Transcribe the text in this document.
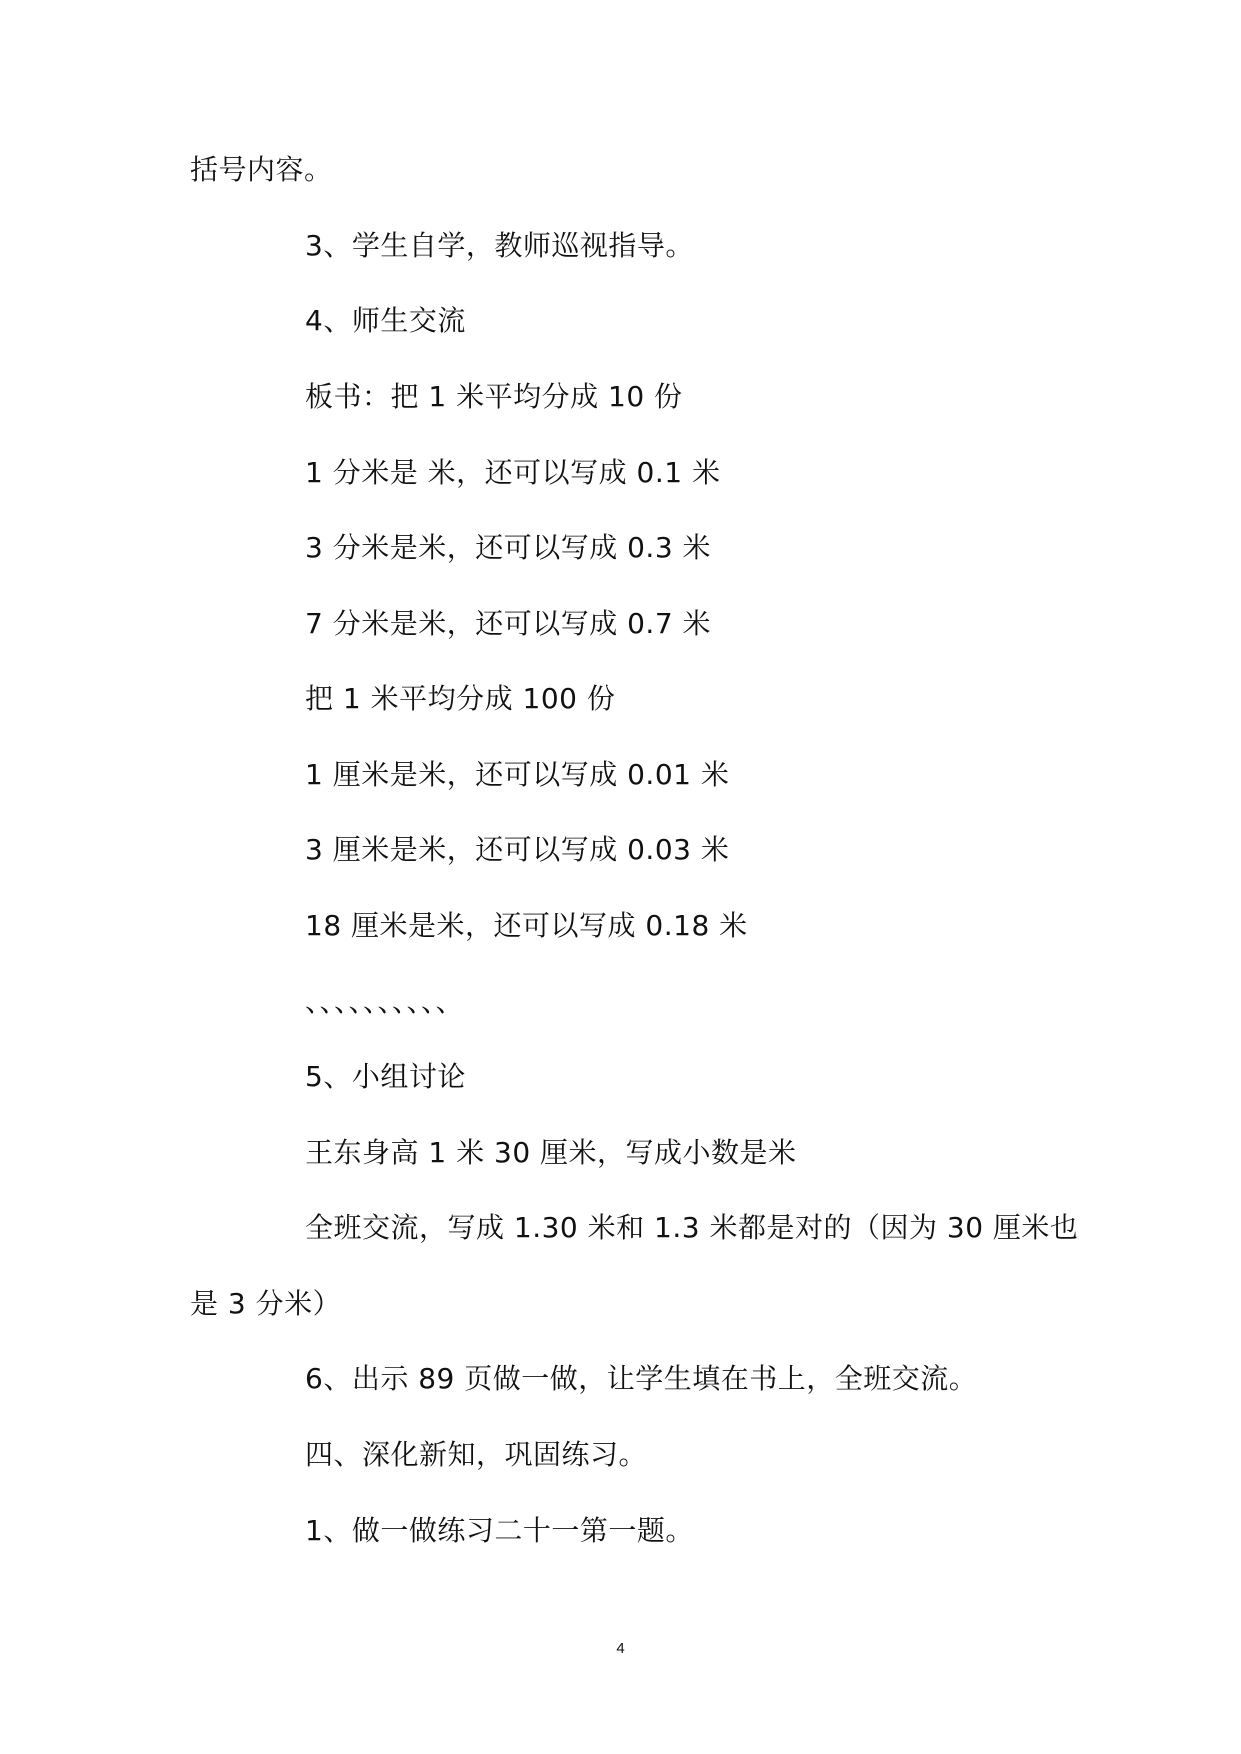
括号内容。
3、学生自学，教师巡视指导。
4、师生交流
板书：把 1 米平均分成 10 份
1 分米是 米，还可以写成 0.1 米
3 分米是米，还可以写成 0.3 米
7 分米是米，还可以写成 0.7 米
把 1 米平均分成 100 份
1 厘米是米，还可以写成 0.01 米
3 厘米是米，还可以写成 0.03 米
18 厘米是米，还可以写成 0.18 米
、、、、、、、、、、
5、小组讨论
王东身高 1 米 30 厘米，写成小数是米
全班交流，写成 1.30 米和 1.3 米都是对的（因为 30 厘米也
是 3 分米）
6、出示 89 页做一做，让学生填在书上，全班交流。
四、深化新知，巩固练习。
1、做一做练习二十一第一题。
4
